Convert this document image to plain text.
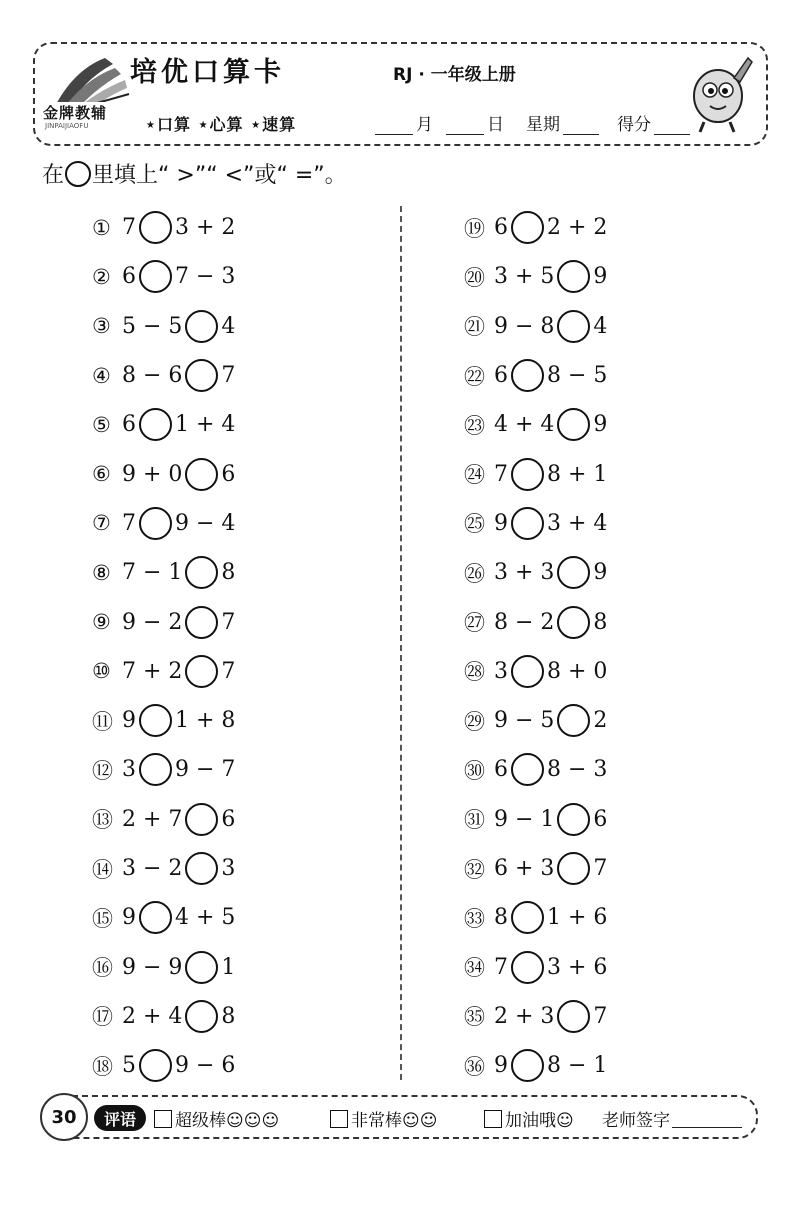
金牌教辅
JINPAIJIAOFU
培优口算卡	RJ · 一年级上册
★口算 ★心算 ★速算	月	日 星期	得分
在 里填上“ >”“ <”或“ =”。
① 7 3 + 2
② 6 7 − 3
③ 5 − 5 4
④ 8 − 6 7
⑤ 6 1 + 4
⑥ 9 + 0 6
⑦ 7 9 − 4
⑧ 7 − 1 8
⑨ 9 − 2 7
⑩ 7 + 2 7
⑪ 9 1 + 8
⑫ 3 9 − 7
⑬ 2 + 7 6
⑭ 3 − 2 3
⑮ 9 4 + 5
⑯ 9 − 9 1
⑰ 2 + 4 8
⑱ 5 9 − 6
⑲ 6 2 + 2
⑳ 3 + 5 9
㉑ 9 − 8 4
㉒ 6 8 − 5
㉓ 4 + 4 9
㉔ 7 8 + 1
㉕ 9 3 + 4
㉖ 3 + 3 9
㉗ 8 − 2 8
㉘ 3 8 + 0
㉙ 9 − 5 2
㉚ 6 8 − 3
㉛ 9 − 1 6
㉜ 6 + 3 7
㉝ 8 1 + 6
㉞ 7 3 + 6
㉟ 2 + 3 7
㊱ 9 8 − 1
30	评语	超级棒☺☺☺	非常棒☺☺	加油哦☺ 老师签字
